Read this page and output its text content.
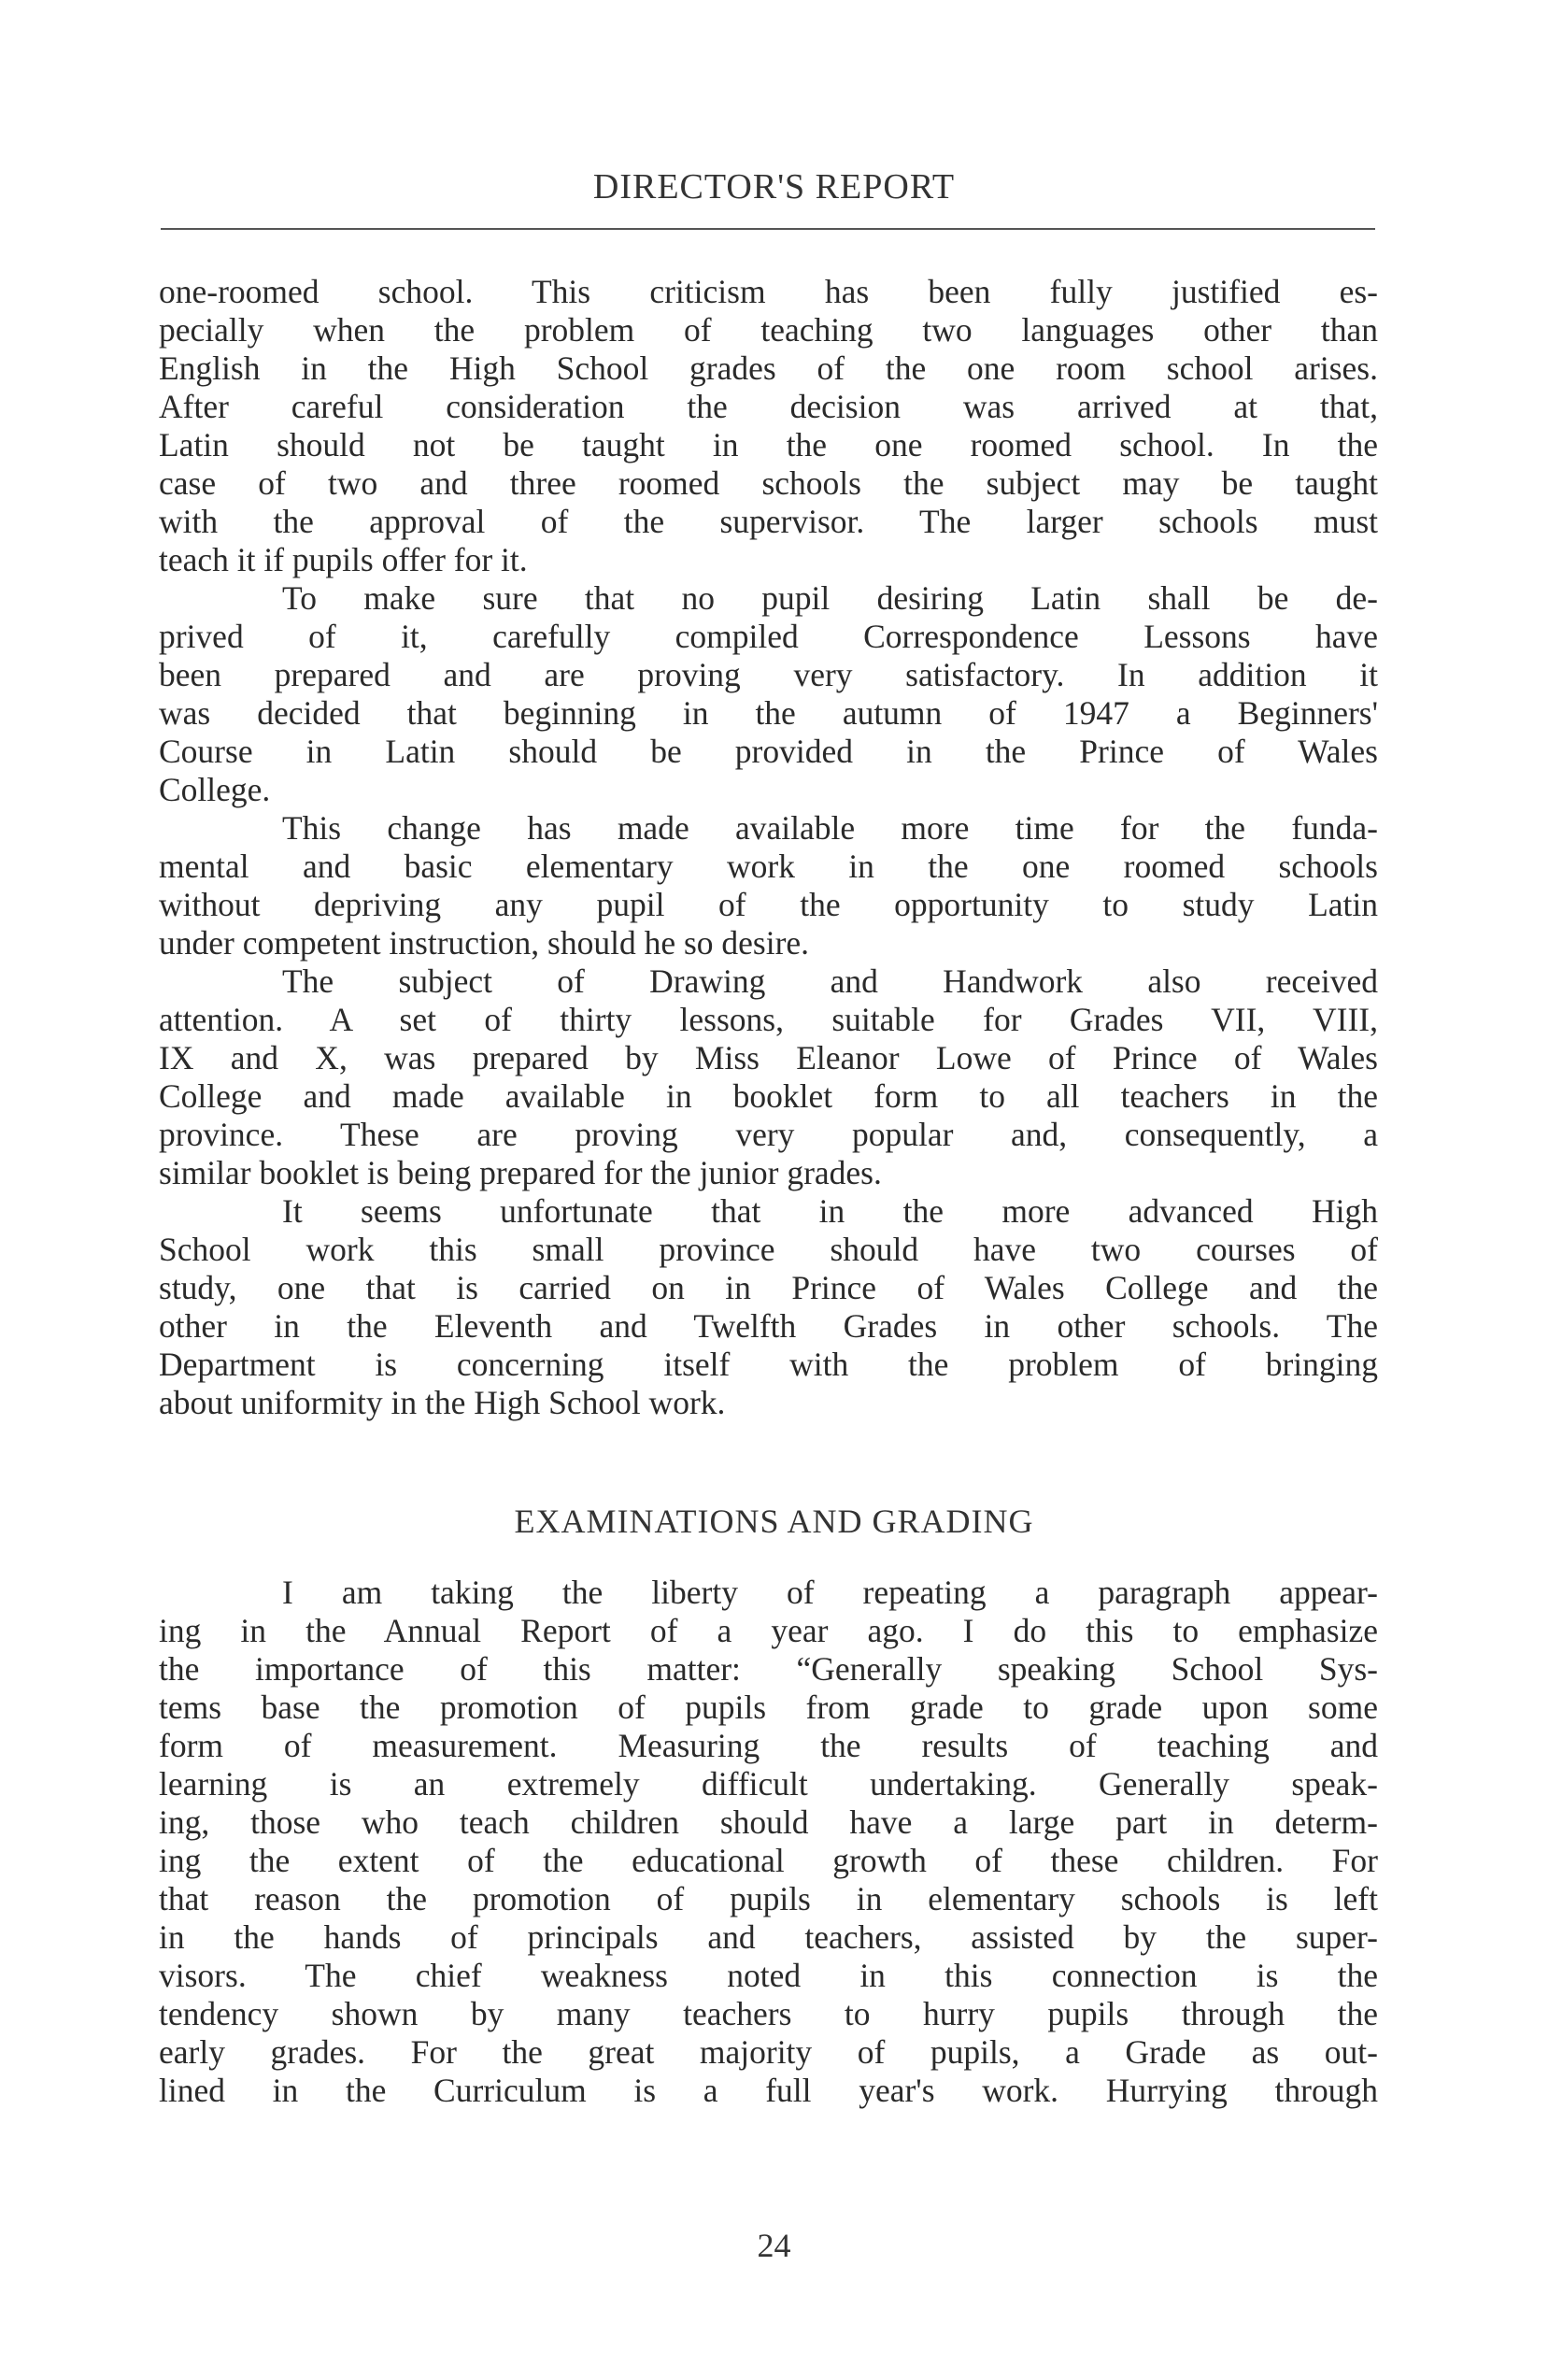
DIRECTOR'S REPORT
one-roomed school. This criticism has been fully justified es-
pecially when the problem of teaching two languages other than
English in the High School grades of the one room school arises.
After careful consideration the decision was arrived at that,
Latin should not be taught in the one roomed school. In the
case of two and three roomed schools the subject may be taught
with the approval of the supervisor. The larger schools must
teach it if pupils offer for it.
To make sure that no pupil desiring Latin shall be de-
prived of it, carefully compiled Correspondence Lessons have
been prepared and are proving very satisfactory. In addition it
was decided that beginning in the autumn of 1947 a Beginners'
Course in Latin should be provided in the Prince of Wales
College.
This change has made available more time for the funda-
mental and basic elementary work in the one roomed schools
without depriving any pupil of the opportunity to study Latin
under competent instruction, should he so desire.
The subject of Drawing and Handwork also received
attention. A set of thirty lessons, suitable for Grades VII, VIII,
IX and X, was prepared by Miss Eleanor Lowe of Prince of Wales
College and made available in booklet form to all teachers in the
province. These are proving very popular and, consequently, a
similar booklet is being prepared for the junior grades.
It seems unfortunate that in the more advanced High
School work this small province should have two courses of
study, one that is carried on in Prince of Wales College and the
other in the Eleventh and Twelfth Grades in other schools. The
Department is concerning itself with the problem of bringing
about uniformity in the High School work.
EXAMINATIONS AND GRADING
I am taking the liberty of repeating a paragraph appear-
ing in the Annual Report of a year ago. I do this to emphasize
the importance of this matter: “Generally speaking School Sys-
tems base the promotion of pupils from grade to grade upon some
form of measurement. Measuring the results of teaching and
learning is an extremely difficult undertaking. Generally speak-
ing, those who teach children should have a large part in determ-
ing the extent of the educational growth of these children. For
that reason the promotion of pupils in elementary schools is left
in the hands of principals and teachers, assisted by the super-
visors. The chief weakness noted in this connection is the
tendency shown by many teachers to hurry pupils through the
early grades. For the great majority of pupils, a Grade as out-
lined in the Curriculum is a full year's work. Hurrying through
24
